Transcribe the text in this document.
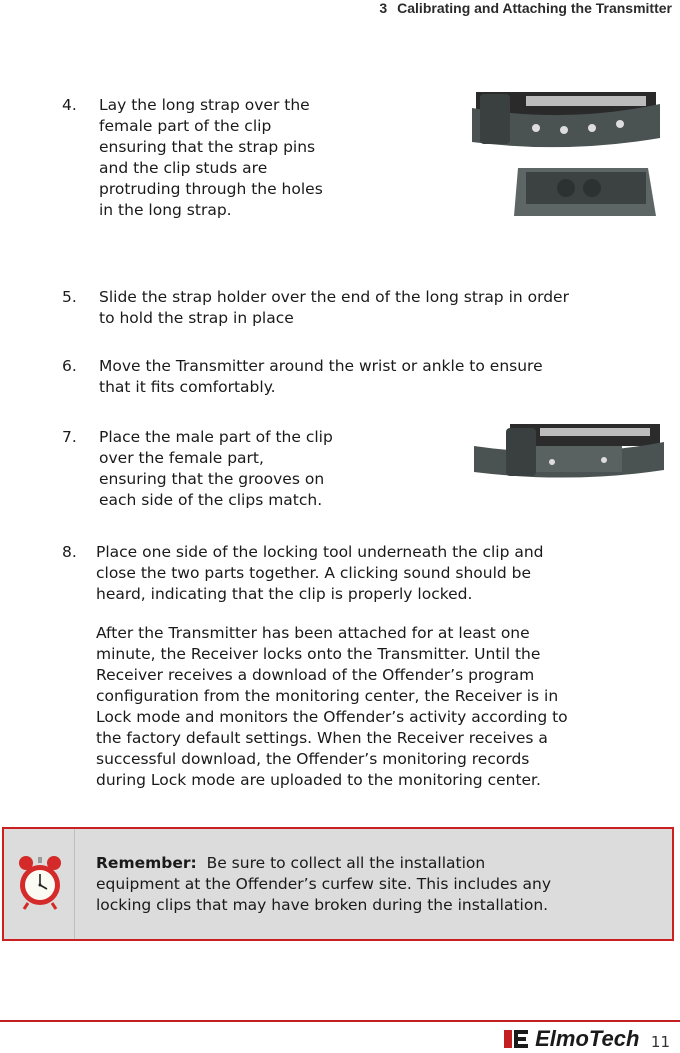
3 Calibrating and Attaching the Transmitter
4. Lay the long strap over the
female part of the clip
ensuring that the strap pins
and the clip studs are
protruding through the holes
in the long strap.
5. Slide the strap holder over the end of the long strap in order
to hold the strap in place
6. Move the Transmitter around the wrist or ankle to ensure
that it fits comfortably.
7. Place the male part of the clip
over the female part,
ensuring that the grooves on
each side of the clips match.
8. Place one side of the locking tool underneath the clip and
close the two parts together. A clicking sound should be
heard, indicating that the clip is properly locked.
After the Transmitter has been attached for at least one
minute, the Receiver locks onto the Transmitter. Until the
Receiver receives a download of the Offender’s program
configuration from the monitoring center, the Receiver is in
Lock mode and monitors the Offender’s activity according to
the factory default settings. When the Receiver receives a
successful download, the Offender’s monitoring records
during Lock mode are uploaded to the monitoring center.
Remember: Be sure to collect all the installation
equipment at the Offender’s curfew site. This includes any
locking clips that may have broken during the installation.
ElmoTech 11
